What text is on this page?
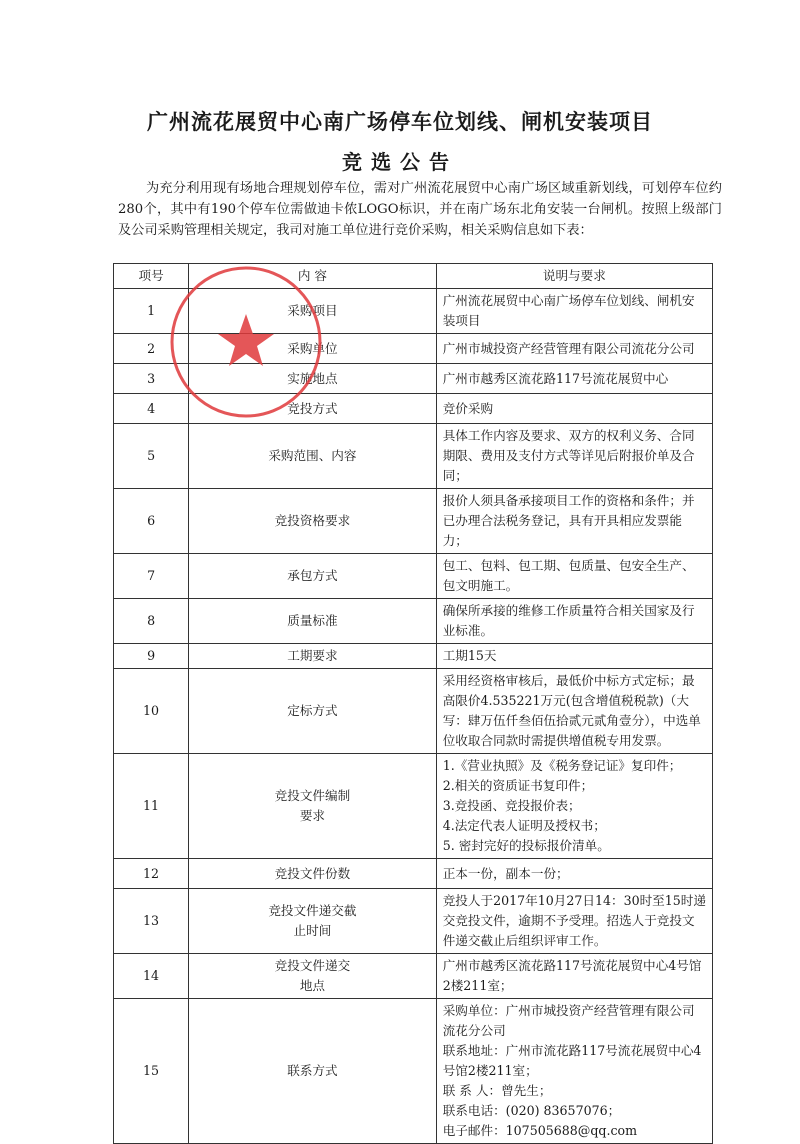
广州流花展贸中心南广场停车位划线、闸机安装项目
竞选公告
为充分利用现有场地合理规划停车位，需对广州流花展贸中心南广场区域重新划线，可划停车位约280个，其中有190个停车位需做迪卡侬LOGO标识，并在南广场东北角安装一台闸机。按照上级部门及公司采购管理相关规定，我司对施工单位进行竞价采购，相关采购信息如下表：
项号	内 容	说明与要求
1	采购项目	广州流花展贸中心南广场停车位划线、闸机安装项目

2	采购单位	广州市城投资产经营管理有限公司流花分公司

3	实施地点	广州市越秀区流花路117号流花展贸中心

4	竞投方式	竞价采购

5	采购范围、内容	具体工作内容及要求、双方的权利义务、合同期限、费用及支付方式等详见后附报价单及合同；

6	竞投资格要求	报价人须具备承接项目工作的资格和条件；并已办理合法税务登记，具有开具相应发票能力；

7	承包方式	包工、包料、包工期、包质量、包安全生产、包文明施工。

8	质量标准	确保所承接的维修工作质量符合相关国家及行业标准。

9	工期要求	工期15天

10	定标方式	采用经资格审核后，最低价中标方式定标；最高限价4.535221万元(包含增值税税款)（大写：肆万伍仟叁佰伍拾贰元贰角壹分），中选单位收取合同款时需提供增值税专用发票。

11	竞投文件编制
要求	1.《营业执照》及《税务登记证》复印件；
2.相关的资质证书复印件；
3.竞投函、竞投报价表；
4.法定代表人证明及授权书；
5. 密封完好的投标报价清单。

12	竞投文件份数	正本一份，副本一份；

13	竞投文件递交截
止时间	竞投人于2017年10月27日14：30时至15时递交竞投文件，逾期不予受理。招选人于竞投文件递交截止后组织评审工作。

14	竞投文件递交
地点	广州市越秀区流花路117号流花展贸中心4号馆2楼211室；

15	联系方式	采购单位：广州市城投资产经营管理有限公司流花分公司
联系地址：广州市流花路117号流花展贸中心4号馆2楼211室；
联 系 人：曾先生；
联系电话：(020) 83657076；
电子邮件：107505688@qq.com
